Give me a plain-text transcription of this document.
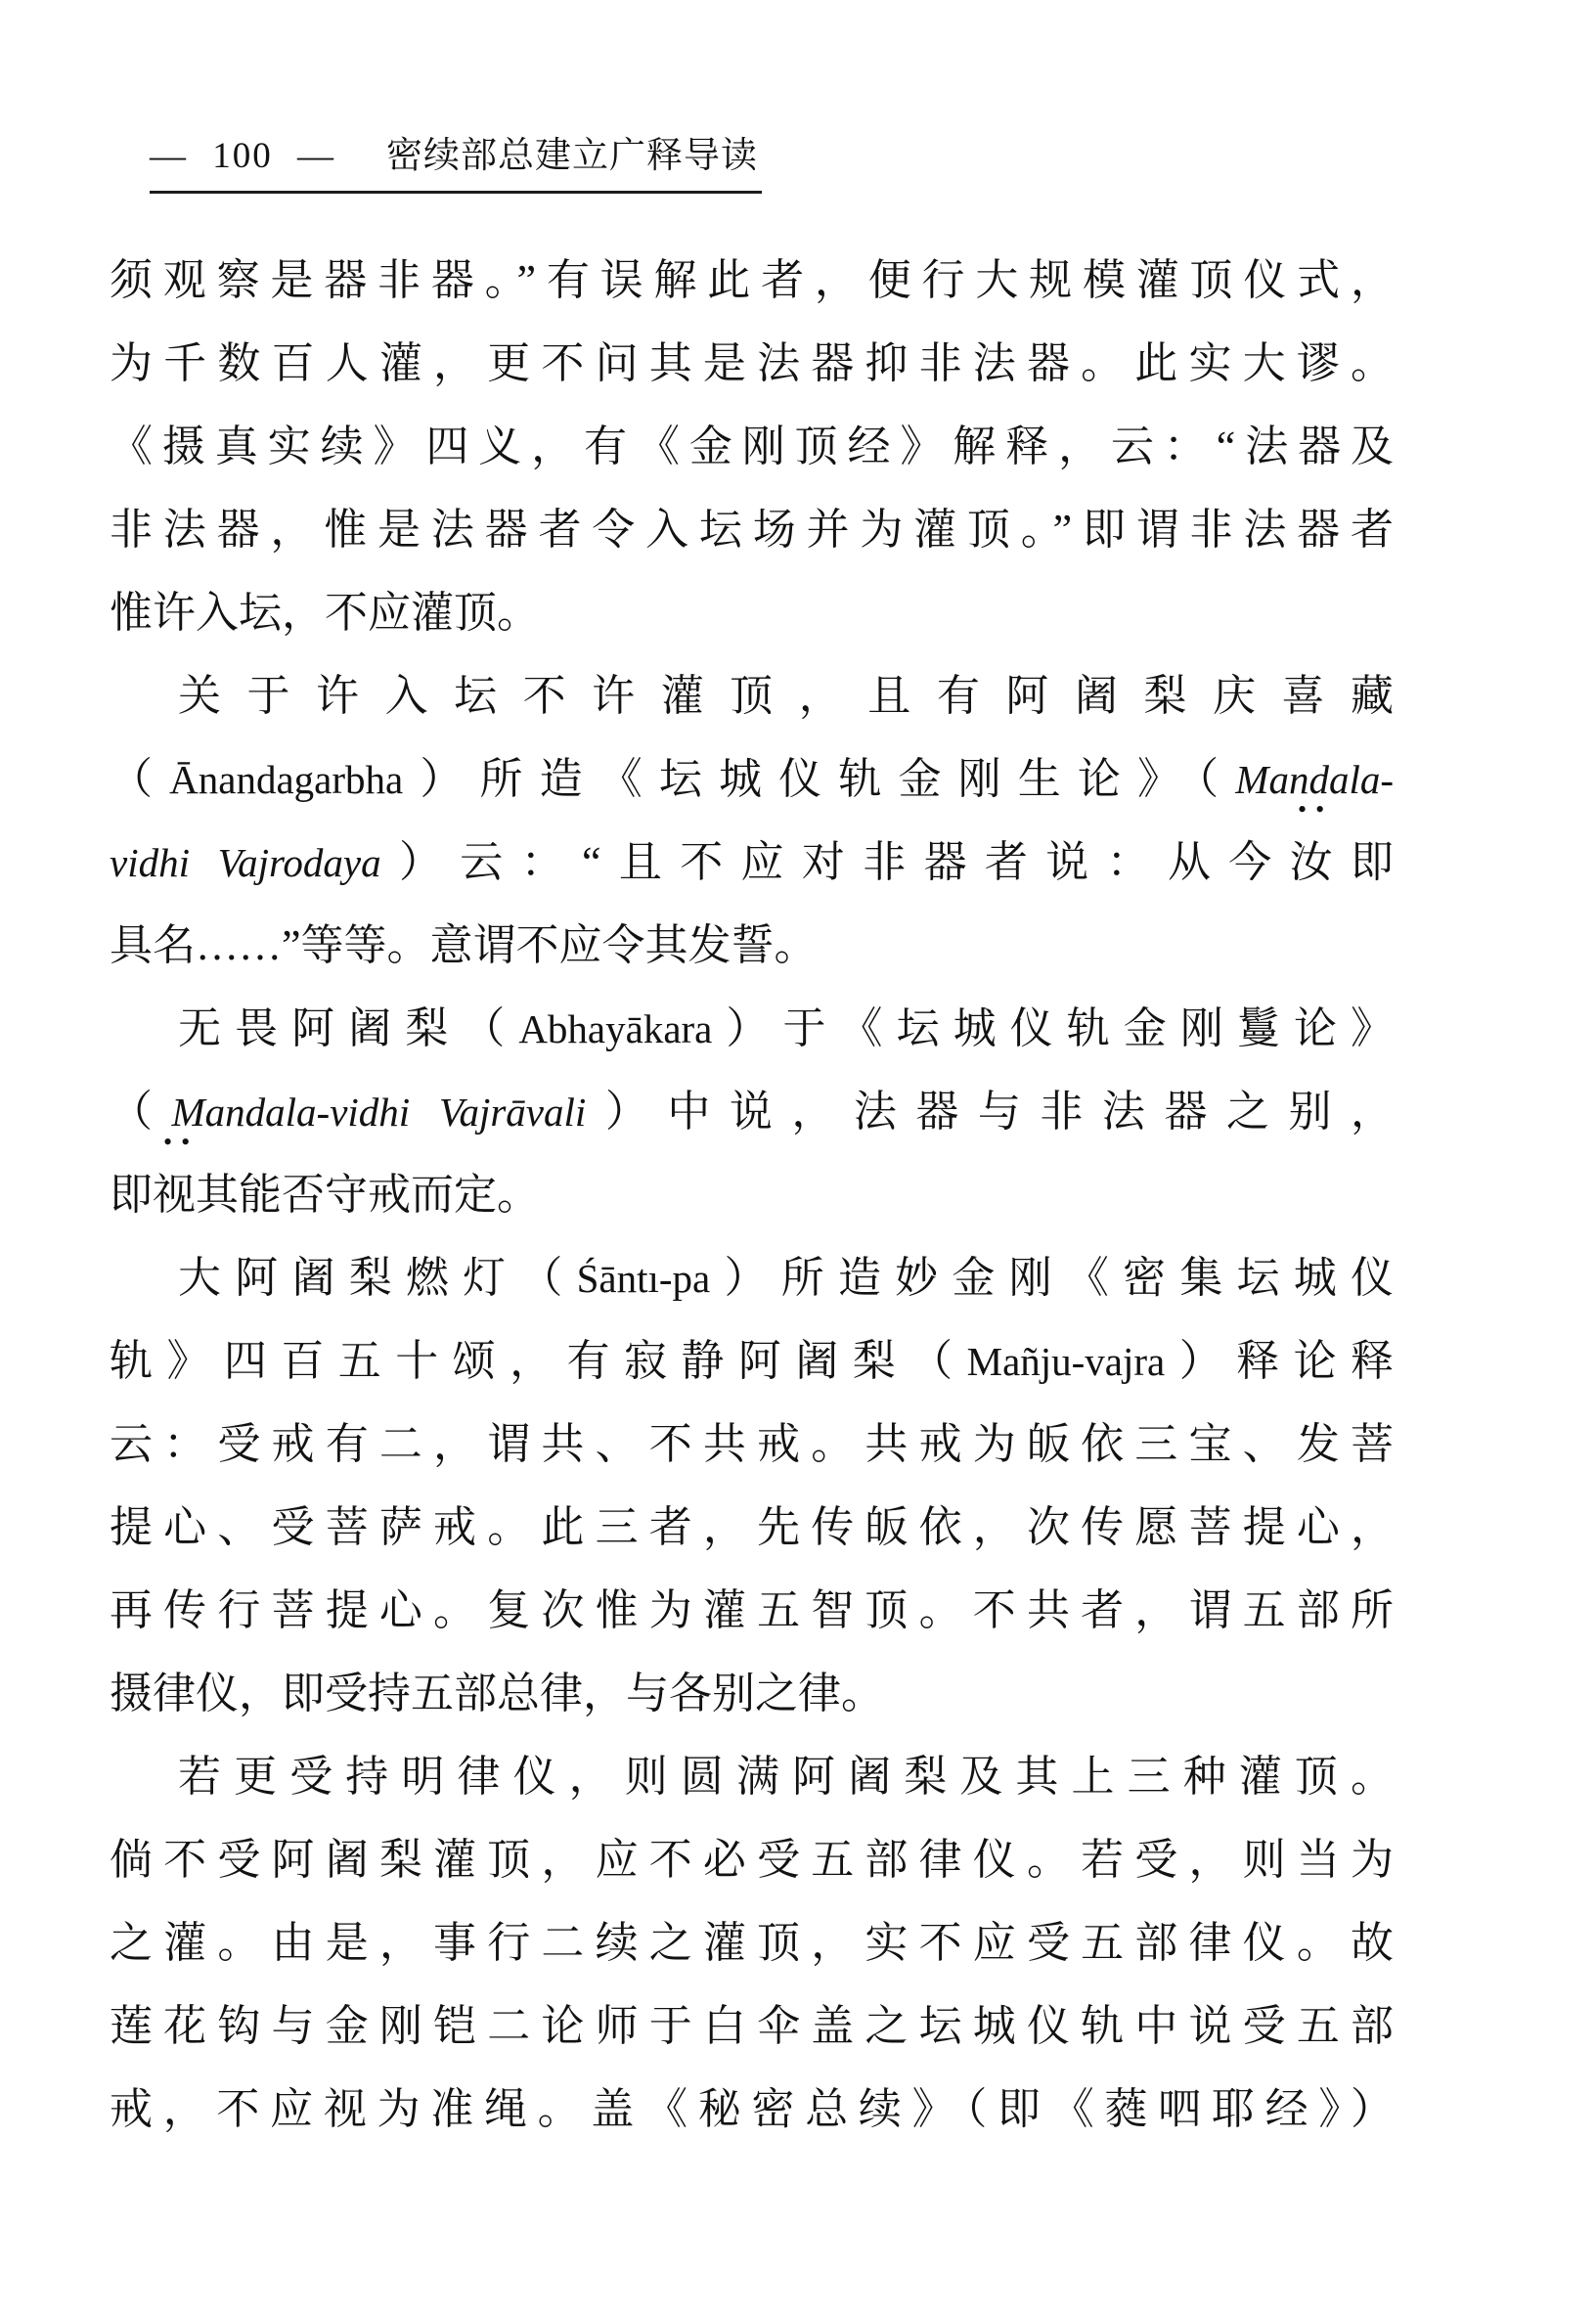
— 100 — 密续部总建立广释导读
须观察是器非器。”有误解此者，便行大规模灌顶仪式，
为千数百人灌，更不问其是法器抑非法器。此实大谬。
《摄真实续》四义，有《金刚顶经》解释，云：“法器及
非法器，惟是法器者令入坛场并为灌顶。”即谓非法器者
惟许入坛，不应灌顶。
关于许入坛不许灌顶，且有阿阇梨庆喜藏
（Ānandagarbha）所造《坛城仪轨金刚生论》（Mandala-
••
vidhi Vajrodaya）云：“且不应对非器者说：从今汝即
具名……”等等。意谓不应令其发誓。
无畏阿阇梨（Abhayākara）于《坛城仪轨金刚鬘论》
（Mandala-vidhi Vajrāvali）中说，法器与非法器之别，
••
即视其能否守戒而定。
大阿阇梨燃灯（Śāntı-pa）所造妙金刚《密集坛城仪
轨》四百五十颂，有寂静阿阇梨（Mañju-vajra）释论释
云：受戒有二，谓共、不共戒。共戒为皈依三宝、发菩
提心、受菩萨戒。此三者，先传皈依，次传愿菩提心，
再传行菩提心。复次惟为灌五智顶。不共者，谓五部所
摄律仪，即受持五部总律，与各别之律。
若更受持明律仪，则圆满阿阇梨及其上三种灌顶。
倘不受阿阇梨灌顶，应不必受五部律仪。若受，则当为
之灌。由是，事行二续之灌顶，实不应受五部律仪。故
莲花钩与金刚铠二论师于白伞盖之坛城仪轨中说受五部
戒，不应视为准绳。盖《秘密总续》（即《蕤呬耶经》）
